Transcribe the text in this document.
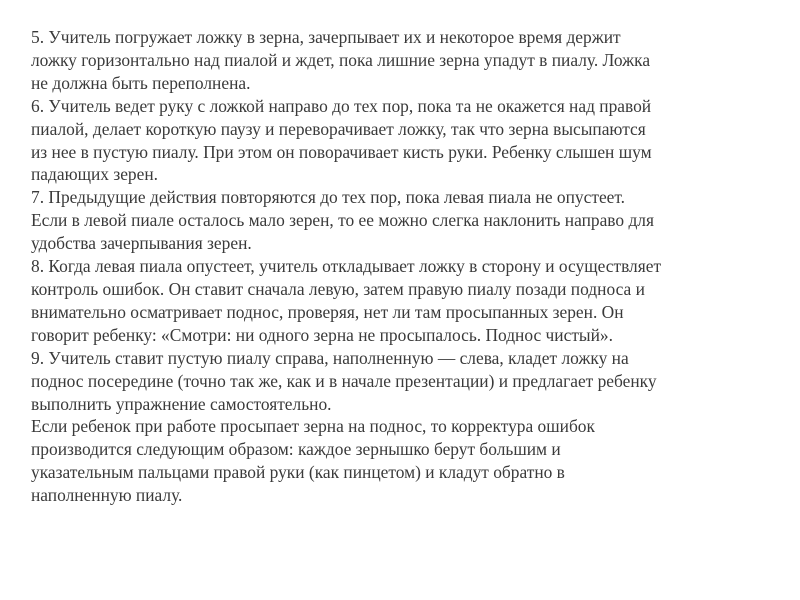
5. Учитель погружает ложку в зерна, зачерпывает их и некоторое время держит
ложку горизонтально над пиалой и ждет, пока лишние зерна упадут в пиалу. Ложка
не должна быть переполнена.
6. Учитель ведет руку с ложкой направо до тех пор, пока та не окажется над правой
пиалой, делает короткую паузу и переворачивает ложку, так что зерна высыпаются
из нее в пустую пиалу. При этом он поворачивает кисть руки. Ребенку слышен шум
падающих зерен.
7. Предыдущие действия повторяются до тех пор, пока левая пиала не опустеет.
Если в левой пиале осталось мало зерен, то ее можно слегка наклонить направо для
удобства зачерпывания зерен.
8. Когда левая пиала опустеет, учитель откладывает ложку в сторону и осуществляет
контроль ошибок. Он ставит сначала левую, затем правую пиалу позади подноса и
внимательно осматривает поднос, проверяя, нет ли там просыпанных зерен. Он
говорит ребенку: «Смотри: ни одного зерна не просыпалось. Поднос чистый».
9. Учитель ставит пустую пиалу справа, наполненную — слева, кладет ложку на
поднос посередине (точно так же, как и в начале презентации) и предлагает ребенку
выполнить упражнение самостоятельно.
Если ребенок при работе просыпает зерна на поднос, то корректура ошибок
производится следующим образом: каждое зернышко берут большим и
указательным пальцами правой руки (как пинцетом) и кладут обратно в
наполненную пиалу.
